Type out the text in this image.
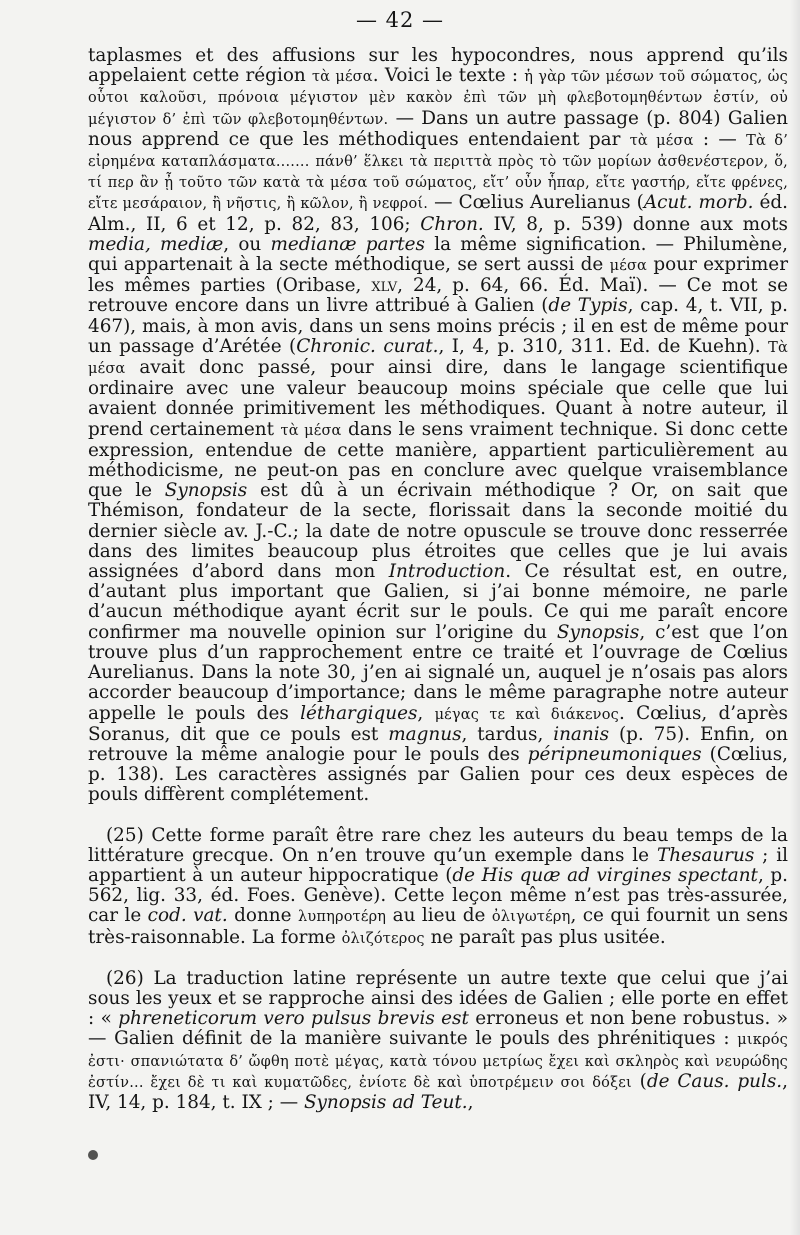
— 42 —

taplasmes et des affusions sur les hypocondres, nous apprend qu’ils appelaient cette région τὰ μέσα. Voici le texte : ἡ γὰρ τῶν μέσων τοῦ σώματος, ὡς οὗτοι καλοῦσι, πρόνοια μέγιστον μὲν κακὸν ἐπὶ τῶν μὴ φλεβοτομηθέντων ἐστίν, οὐ μέγιστον δ’ ἐπὶ τῶν φλεβοτομηθέντων. — Dans un autre passage (p. 804) Galien nous apprend ce que les méthodiques entendaient par τὰ μέσα : — Τὰ δ’ εἰρημένα καταπλάσματα....... πάνθ’ ἕλκει τὰ περιττὰ πρὸς τὸ τῶν μορίων ἀσθενέστερον, ὅ, τί περ ἂν ᾖ τοῦτο τῶν κατὰ τὰ μέσα τοῦ σώματος, εἴτ’ οὖν ἧπαρ, εἴτε γαστήρ, εἴτε φρένες, εἴτε μεσάραιον, ἢ νῆστις, ἢ κῶλον, ἢ νεφροί. — Cœlius Aurelianus (Acut. morb. éd. Alm., II, 6 et 12, p. 82, 83, 106; Chron. IV, 8, p. 539) donne aux mots media, mediæ, ou medianæ partes la même signification. — Philumène, qui appartenait à la secte méthodique, se sert aussi de μέσα pour exprimer les mêmes parties (Oribase, xlv, 24, p. 64, 66. Éd. Maï). — Ce mot se retrouve encore dans un livre attribué à Galien (de Typis, cap. 4, t. VII, p. 467), mais, à mon avis, dans un sens moins précis ; il en est de même pour un passage d’Arétée (Chronic. curat., I, 4, p. 310, 311. Ed. de Kuehn). Τὰ μέσα avait donc passé, pour ainsi dire, dans le langage scientifique ordinaire avec une valeur beaucoup moins spéciale que celle que lui avaient donnée primitivement les méthodiques. Quant à notre auteur, il prend certainement τὰ μέσα dans le sens vraiment technique. Si donc cette expression, entendue de cette manière, appartient particulièrement au méthodicisme, ne peut-on pas en conclure avec quelque vraisemblance que le Synopsis est dû à un écrivain méthodique ? Or, on sait que Thémison, fondateur de la secte, florissait dans la seconde moitié du dernier siècle av. J.-C.; la date de notre opuscule se trouve donc resserrée dans des limites beaucoup plus étroites que celles que je lui avais assignées d’abord dans mon Introduction. Ce résultat est, en outre, d’autant plus important que Galien, si j’ai bonne mémoire, ne parle d’aucun méthodique ayant écrit sur le pouls. Ce qui me paraît encore confirmer ma nouvelle opinion sur l’origine du Synopsis, c’est que l’on trouve plus d’un rapprochement entre ce traité et l’ouvrage de Cœlius Aurelianus. Dans la note 30, j’en ai signalé un, auquel je n’osais pas alors accorder beaucoup d’importance; dans le même paragraphe notre auteur appelle le pouls des léthargiques, μέγας τε καὶ διάκενος. Cœlius, d’après Soranus, dit que ce pouls est magnus, tardus, inanis (p. 75). Enfin, on retrouve la même analogie pour le pouls des péripneumoniques (Cœlius, p. 138). Les caractères assignés par Galien pour ces deux espèces de pouls diffèrent complétement.

(25) Cette forme paraît être rare chez les auteurs du beau temps de la littérature grecque. On n’en trouve qu’un exemple dans le Thesaurus ; il appartient à un auteur hippocratique (de His quæ ad virgines spectant, p. 562, lig. 33, éd. Foes. Genève). Cette leçon même n’est pas très-assurée, car le cod. vat. donne λυπηροτέρη au lieu de ὀλιγωτέρη, ce qui fournit un sens très-raisonnable. La forme ὀλιζότερος ne paraît pas plus usitée.

(26) La traduction latine représente un autre texte que celui que j’ai sous les yeux et se rapproche ainsi des idées de Galien ; elle porte en effet : « phreneticorum vero pulsus brevis est erroneus et non bene robustus. » — Galien définit de la manière suivante le pouls des phrénitiques : μικρός ἐστι· σπανιώτατα δ’ ὤφθη ποτὲ μέγας, κατὰ τόνου μετρίως ἔχει καὶ σκληρὸς καὶ νευρώδης ἐστίν... ἔχει δὲ τι καὶ κυματῶδες, ἐνίοτε δὲ καὶ ὑποτρέμειν σοι δόξει (de Caus. puls., IV, 14, p. 184, t. IX ; — Synopsis ad Teut.,
